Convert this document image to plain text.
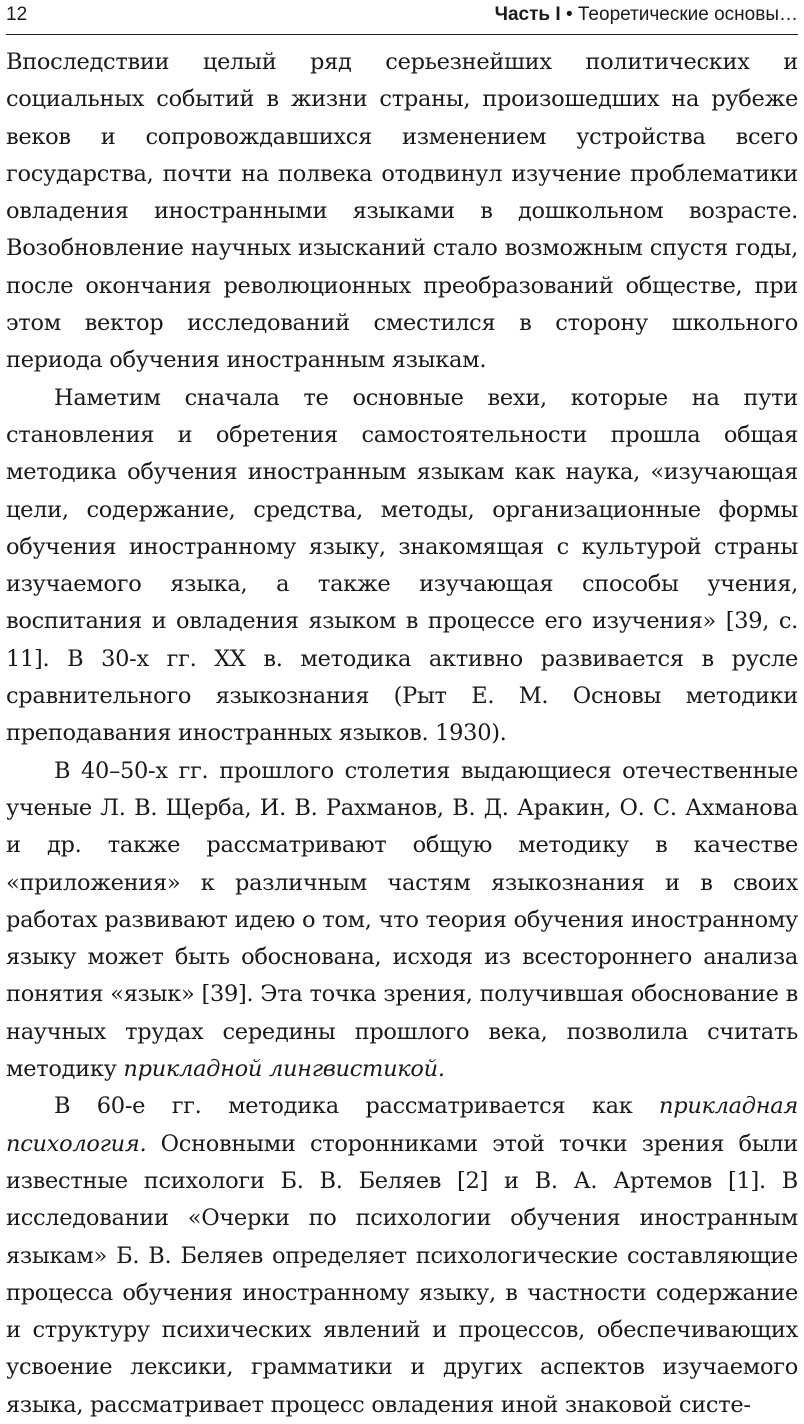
12	Часть I • Теоретические основы…

Впоследствии целый ряд серьезнейших политических и социальных событий в жизни страны, произошедших на рубеже веков и сопровождавшихся изменением устройства всего государства, почти на полвека отодвинул изучение проблематики овладения иностранными языками в дошкольном возрасте. Возобновление научных изысканий стало возможным спустя годы, после окончания революционных преобразований обществе, при этом вектор исследований сместился в сторону школьного периода обучения иностранным языкам.

Наметим сначала те основные вехи, которые на пути становления и обретения самостоятельности прошла общая методика обучения иностранным языкам как наука, «изучающая цели, содержание, средства, методы, организационные формы обучения иностранному языку, знакомящая с культурой страны изучаемого языка, а также изучающая способы учения, воспитания и овладения языком в процессе его изучения» [39, с. 11]. В 30-х гг. XX в. методика активно развивается в русле сравнительного языкознания (Рыт Е. М. Основы методики преподавания иностранных языков. 1930).

В 40–50-х гг. прошлого столетия выдающиеся отечественные ученые Л. В. Щерба, И. В. Рахманов, В. Д. Аракин, О. С. Ахманова и др. также рассматривают общую методику в качестве «приложения» к различным частям языкознания и в своих работах развивают идею о том, что теория обучения иностранному языку может быть обоснована, исходя из всестороннего анализа понятия «язык» [39]. Эта точка зрения, получившая обоснование в научных трудах середины прошлого века, позволила считать методику прикладной лингвистикой.

В 60-е гг. методика рассматривается как прикладная психология. Основными сторонниками этой точки зрения были известные психологи Б. В. Беляев [2] и В. А. Артемов [1]. В исследовании «Очерки по психологии обучения иностранным языкам» Б. В. Беляев определяет психологические составляющие процесса обучения иностранному языку, в частности содержание и структуру психических явлений и процессов, обеспечивающих усвоение лексики, грамматики и других аспектов изучаемого языка, рассматривает процесс овладения иной знаковой систе-
